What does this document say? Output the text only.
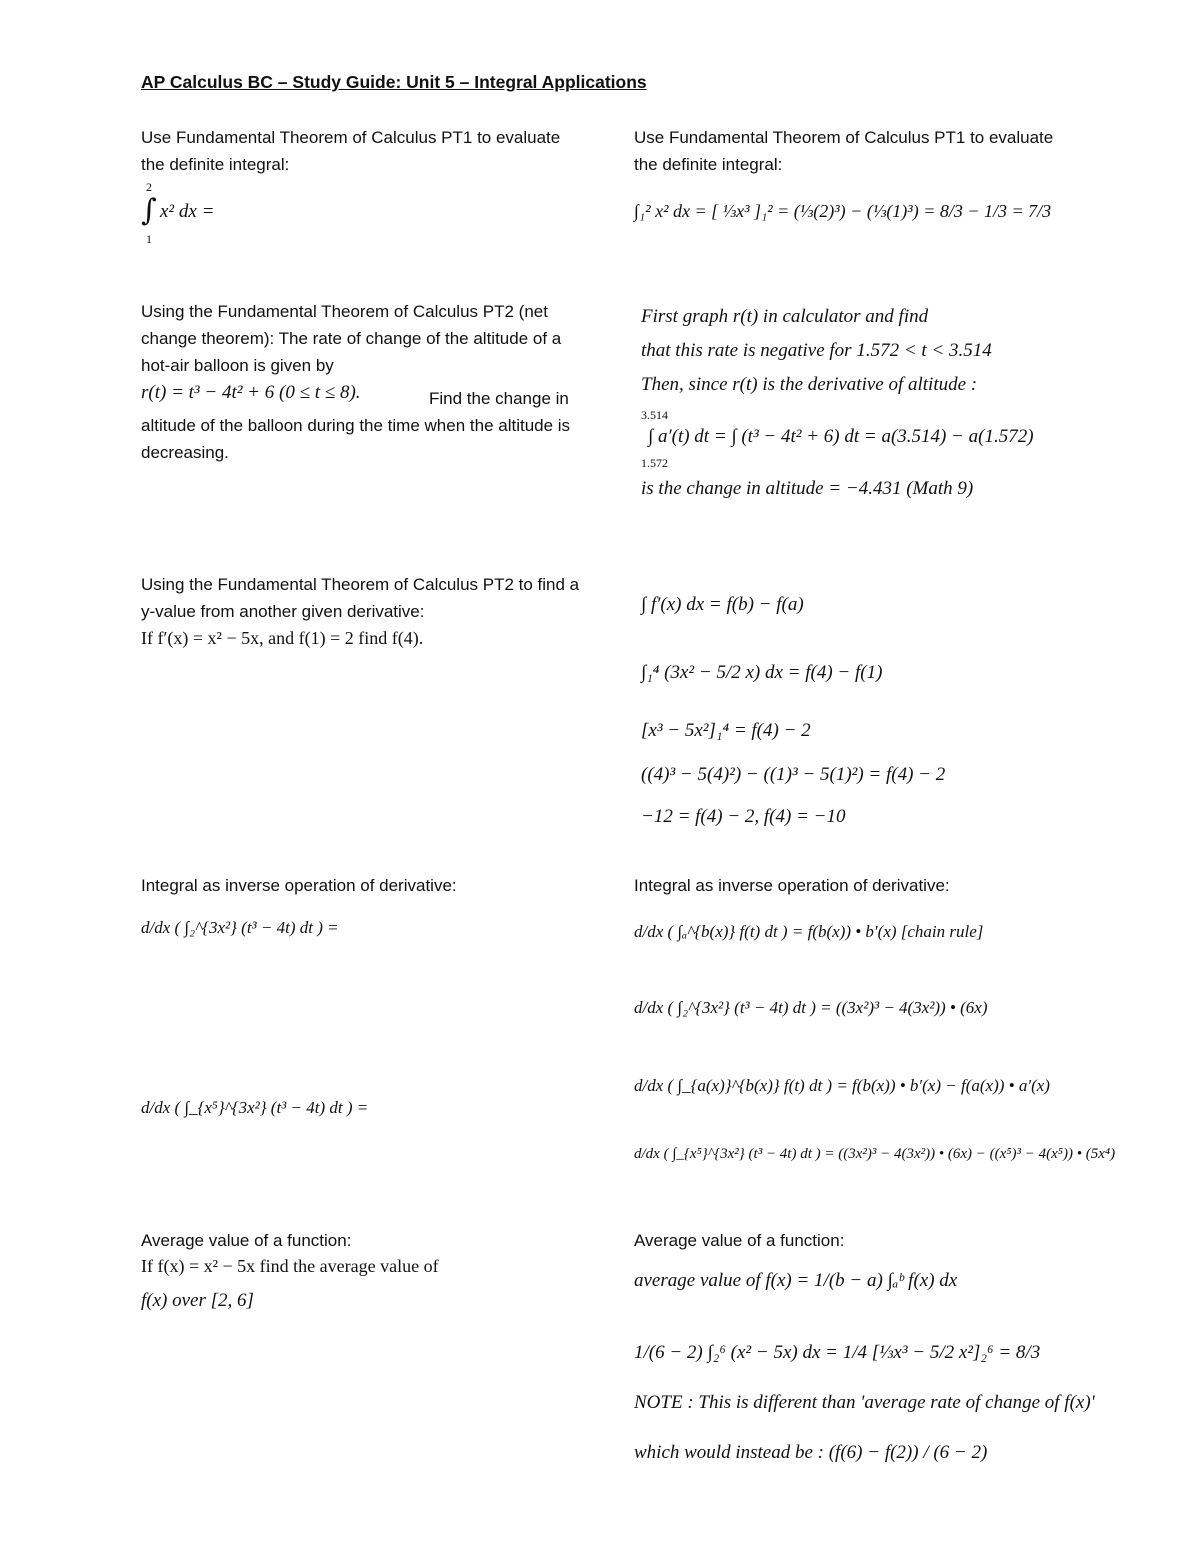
AP Calculus BC – Study Guide: Unit 5 – Integral Applications
Use Fundamental Theorem of Calculus PT1 to evaluate the definite integral:
∫
2
1
x² dx =
Using the Fundamental Theorem of Calculus PT2 (net change theorem): The rate of change of the altitude of a hot-air balloon is given by
r(t) = t³ − 4t² + 6 (0 ≤ t ≤ 8).	Find the change in altitude of the balloon during the time when the altitude is decreasing.
Using the Fundamental Theorem of Calculus PT2 to find a y-value from another given derivative:
If f′(x) = x² − 5x, and f(1) = 2 find f(4).
Integral as inverse operation of derivative:
d/dx ( ∫₂^{3x²} (t³ − 4t) dt ) =
d/dx ( ∫_{x⁵}^{3x²} (t³ − 4t) dt ) =
Average value of a function:
If f(x) = x² − 5x find the average value of
f(x) over [2, 6]
Use Fundamental Theorem of Calculus PT1 to evaluate the definite integral:
∫₁² x² dx = [ ⅓x³ ]₁² = (⅓(2)³) − (⅓(1)³) = 8/3 − 1/3 = 7/3
First graph r(t) in calculator and find
that this rate is negative for 1.572 < t < 3.514
Then, since r(t) is the derivative of altitude :
3.514
1.572
∫ a′(t) dt = ∫ (t³ − 4t² + 6) dt = a(3.514) − a(1.572)
is the change in altitude = −4.431 (Math 9)
∫ f′(x) dx = f(b) − f(a)
∫₁⁴ (3x² − 5/2 x) dx = f(4) − f(1)
[x³ − 5x²]₁⁴ = f(4) − 2
((4)³ − 5(4)²) − ((1)³ − 5(1)²) = f(4) − 2
−12 = f(4) − 2, f(4) = −10
Integral as inverse operation of derivative:
d/dx ( ∫ₐ^{b(x)} f(t) dt ) = f(b(x)) • b′(x) [chain rule]
d/dx ( ∫₂^{3x²} (t³ − 4t) dt ) = ((3x²)³ − 4(3x²)) • (6x)
d/dx ( ∫_{a(x)}^{b(x)} f(t) dt ) = f(b(x)) • b′(x) − f(a(x)) • a′(x)
d/dx ( ∫_{x⁵}^{3x²} (t³ − 4t) dt ) = ((3x²)³ − 4(3x²)) • (6x) − ((x⁵)³ − 4(x⁵)) • (5x⁴)
Average value of a function:
average value of f(x) = 1/(b − a) ∫ₐᵇ f(x) dx
1/(6 − 2) ∫₂⁶ (x² − 5x) dx = 1/4 [⅓x³ − 5/2 x²]₂⁶ = 8/3
NOTE : This is different than 'average rate of change of f(x)'
which would instead be : (f(6) − f(2)) / (6 − 2)
